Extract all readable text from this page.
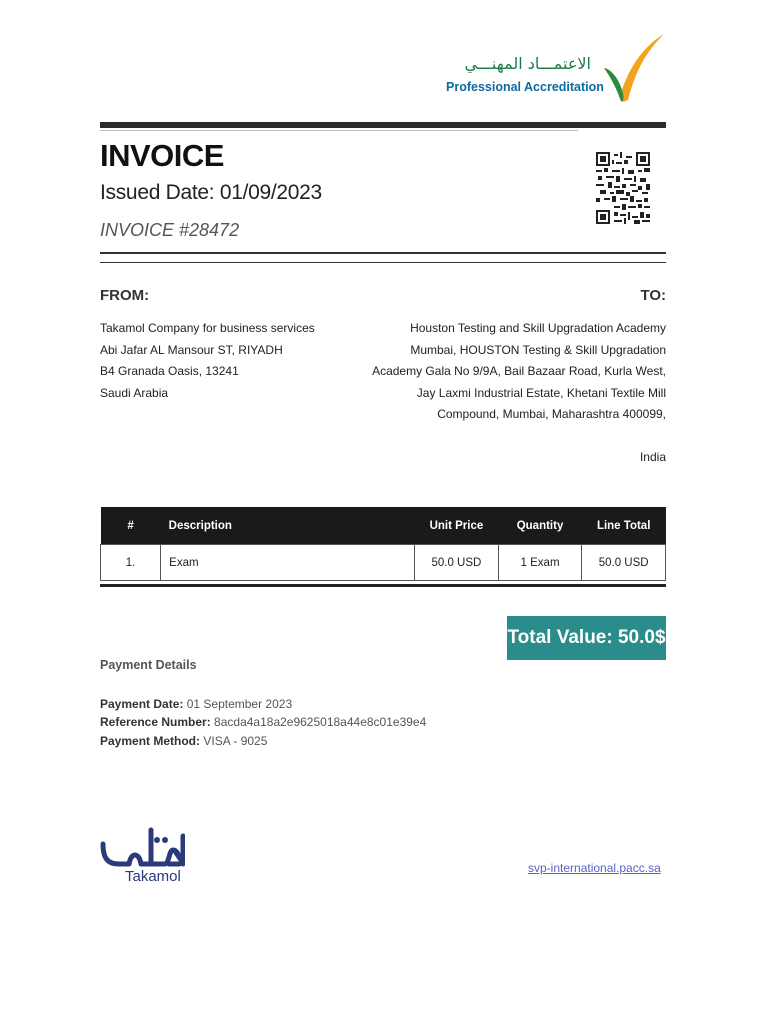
الاعتمـــاد المهنـــي
Professional Accreditation
INVOICE
Issued Date: 01/09/2023
INVOICE #28472
FROM:	TO:
Takamol Company for business services
Abi Jafar AL Mansour ST, RIYADH
B4 Granada Oasis, 13241
Saudi Arabia
Houston Testing and Skill Upgradation Academy
Mumbai, HOUSTON Testing & Skill Upgradation
Academy Gala No 9/9A, Bail Bazaar Road, Kurla West,
Jay Laxmi Industrial Estate, Khetani Textile Mill
Compound, Mumbai, Maharashtra 400099,
India
#	Description	Unit Price	Quantity	Line Total
1.	Exam	50.0 USD	1 Exam	50.0 USD
Total Value: 50.0$
Payment Details
Payment Date: 01 September 2023
Reference Number: 8acda4a18a2e9625018a44e8c01e39e4
Payment Method: VISA - 9025
Takamol	svp-international.pacc.sa
